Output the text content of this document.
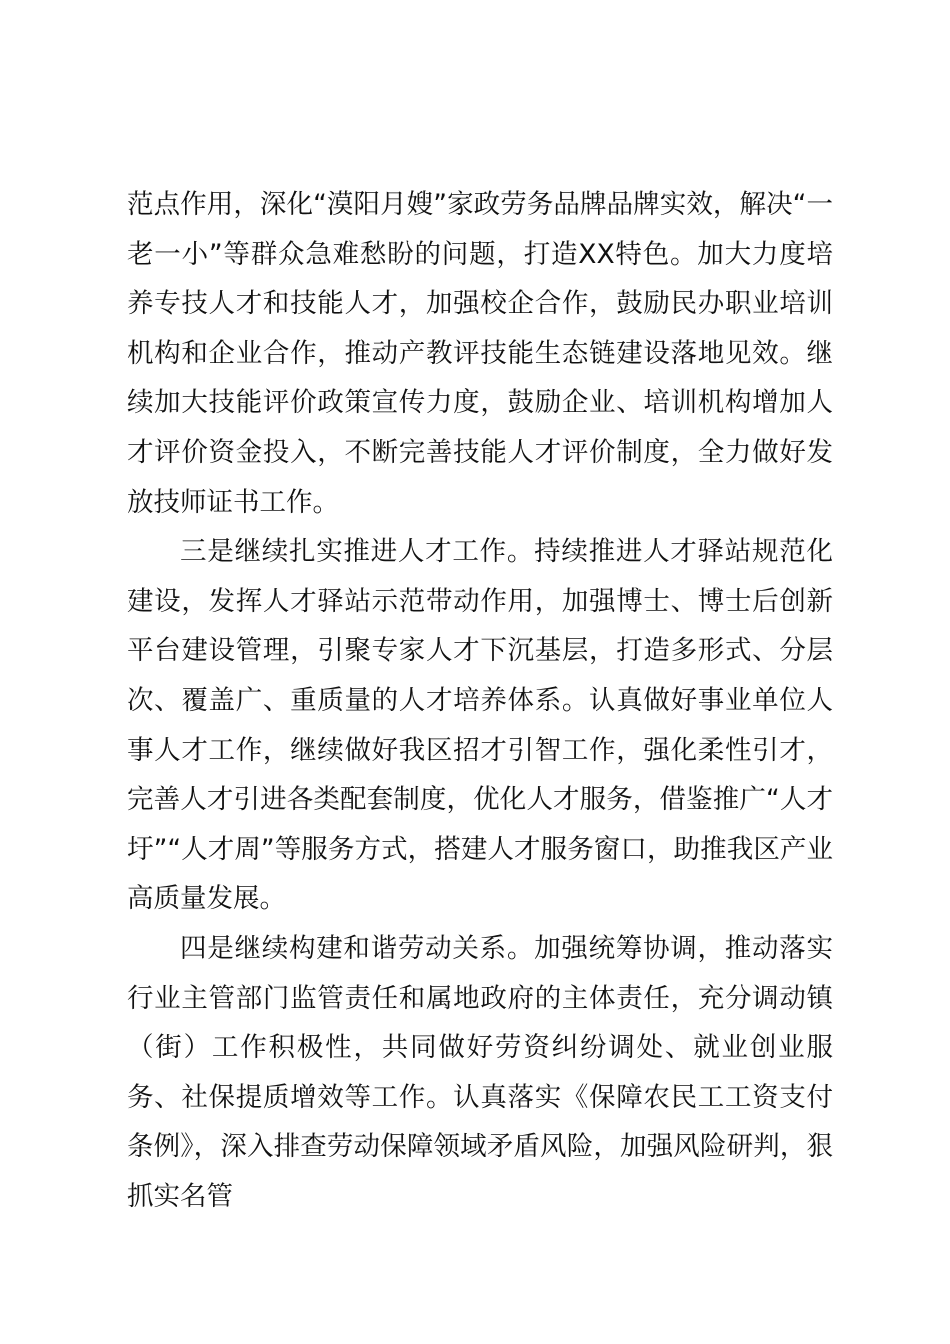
范点作用，深化“漠阳月嫂”家政劳务品牌品牌实效，解决“一老一小”等群众急难愁盼的问题，打造XX特色。加大力度培养专技人才和技能人才，加强校企合作，鼓励民办职业培训机构和企业合作，推动产教评技能生态链建设落地见效。继续加大技能评价政策宣传力度，鼓励企业、培训机构增加人才评价资金投入，不断完善技能人才评价制度，全力做好发放技师证书工作。

三是继续扎实推进人才工作。持续推进人才驿站规范化建设，发挥人才驿站示范带动作用，加强博士、博士后创新平台建设管理，引聚专家人才下沉基层，打造多形式、分层次、覆盖广、重质量的人才培养体系。认真做好事业单位人事人才工作，继续做好我区招才引智工作，强化柔性引才，完善人才引进各类配套制度，优化人才服务，借鉴推广“人才圩”“人才周”等服务方式，搭建人才服务窗口，助推我区产业高质量发展。

四是继续构建和谐劳动关系。加强统筹协调，推动落实行业主管部门监管责任和属地政府的主体责任，充分调动镇（街）工作积极性，共同做好劳资纠纷调处、就业创业服务、社保提质增效等工作。认真落实《保障农民工工资支付条例》，深入排查劳动保障领域矛盾风险，加强风险研判，狠抓实名管
